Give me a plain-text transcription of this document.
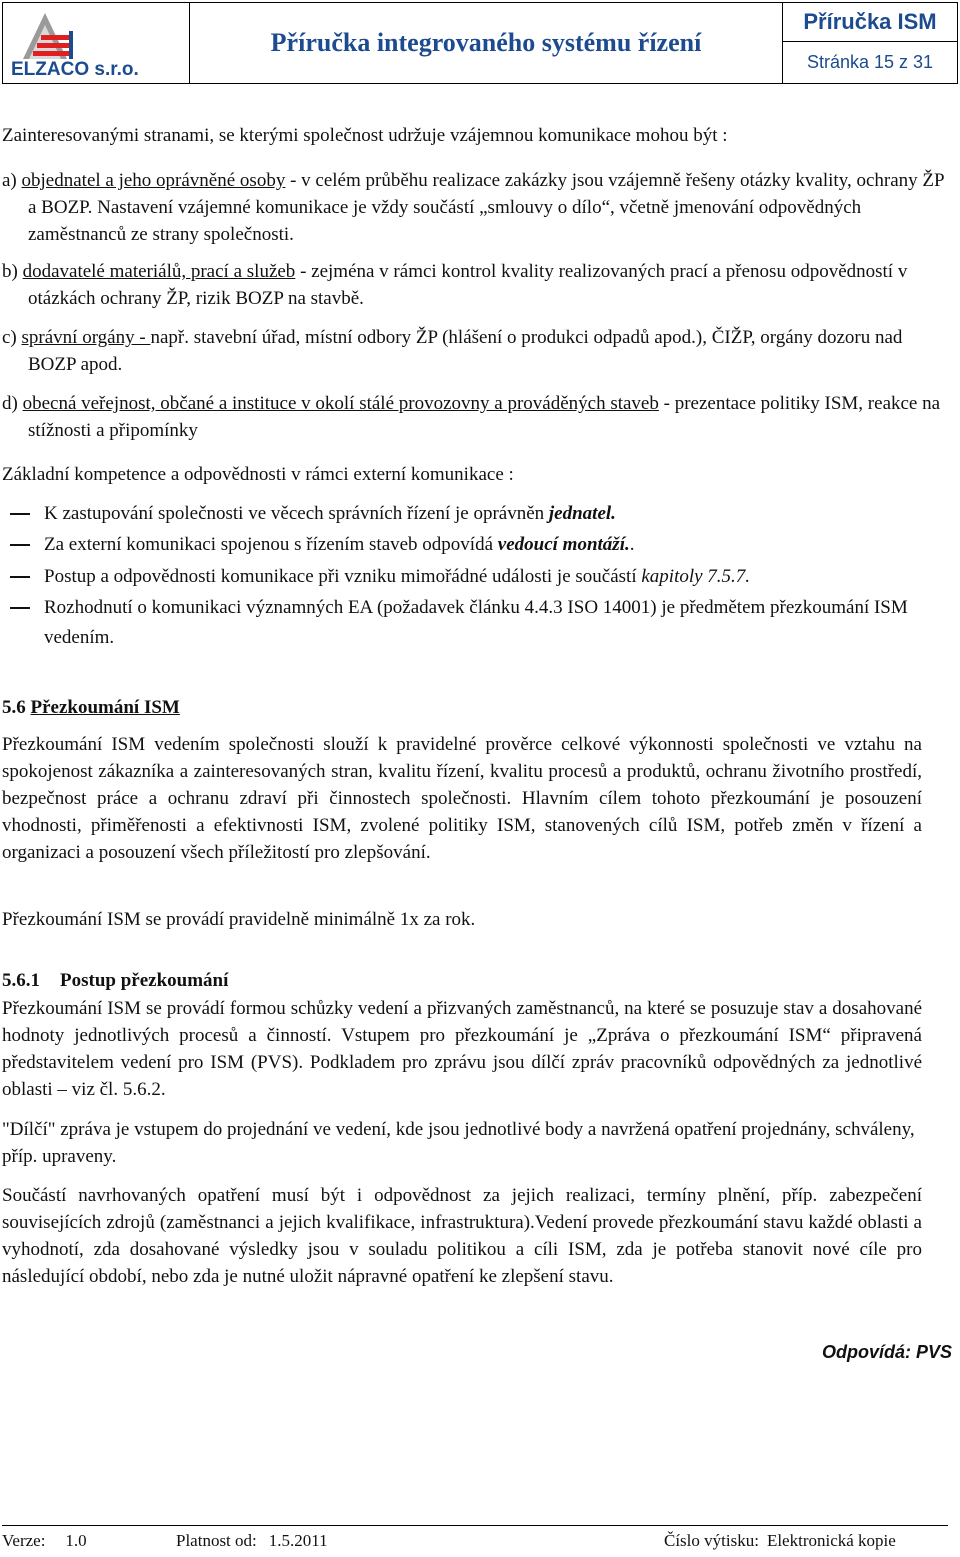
ELZACO s.r.o.
Příručka integrovaného systému řízení
Příručka ISM
Stránka 15 z 31

Zainteresovanými stranami, se kterými společnost udržuje vzájemnou komunikace mohou být :

a) objednatel a jeho oprávněné osoby - v celém průběhu realizace zakázky jsou vzájemně řešeny otázky kvality, ochrany ŽP a BOZP. Nastavení vzájemné komunikace je vždy součástí „smlouvy o dílo“, včetně jmenování odpovědných zaměstnanců ze strany společnosti.

b) dodavatelé materiálů, prací a služeb - zejména v rámci kontrol kvality realizovaných prací a přenosu odpovědností v otázkách ochrany ŽP, rizik BOZP na stavbě.

c) správní orgány - např. stavební úřad, místní odbory ŽP (hlášení o produkci odpadů apod.), ČIŽP, orgány dozoru nad BOZP apod.

d) obecná veřejnost, občané a instituce v okolí stálé provozovny a prováděných staveb - prezentace politiky ISM, reakce na stížnosti a připomínky

Základní kompetence a odpovědnosti v rámci externí komunikace :

K zastupování společnosti ve věcech správních řízení je oprávněn jednatel.
Za externí komunikaci spojenou s řízením staveb odpovídá vedoucí montáží..
Postup a odpovědnosti komunikace při vzniku mimořádné události je součástí kapitoly 7.5.7.
Rozhodnutí o komunikaci významných EA (požadavek článku 4.4.3 ISO 14001) je předmětem přezkoumání ISM vedením.
5.6 Přezkoumání ISM

Přezkoumání ISM vedením společnosti slouží k pravidelné prověrce celkové výkonnosti společnosti ve vztahu na spokojenost zákazníka a zainteresovaných stran, kvalitu řízení, kvalitu procesů a produktů, ochranu životního prostředí, bezpečnost práce a ochranu zdraví při činnostech společnosti. Hlavním cílem tohoto přezkoumání je posouzení vhodnosti, přiměřenosti a efektivnosti ISM, zvolené politiky ISM, stanovených cílů ISM, potřeb změn v řízení a organizaci a posouzení všech příležitostí pro zlepšování.

Přezkoumání ISM se provádí pravidelně minimálně 1x za rok.

5.6.1 Postup přezkoumání

Přezkoumání ISM se provádí formou schůzky vedení a přizvaných zaměstnanců, na které se posuzuje stav a dosahované hodnoty jednotlivých procesů a činností. Vstupem pro přezkoumání je „Zpráva o přezkoumání ISM“ připravená představitelem vedení pro ISM (PVS). Podkladem pro zprávu jsou dílčí zpráv pracovníků odpovědných za jednotlivé oblasti – viz čl. 5.6.2.

"Dílčí" zpráva je vstupem do projednání ve vedení, kde jsou jednotlivé body a navržená opatření projednány, schváleny, příp. upraveny.

Součástí navrhovaných opatření musí být i odpovědnost za jejich realizaci, termíny plnění, příp. zabezpečení souvisejících zdrojů (zaměstnanci a jejich kvalifikace, infrastruktura).Vedení provede přezkoumání stavu každé oblasti a vyhodnotí, zda dosahované výsledky jsou v souladu politikou a cíli ISM, zda je potřeba stanovit nové cíle pro následující období, nebo zda je nutné uložit nápravné opatření ke zlepšení stavu.

Odpovídá: PVS
Verze: 1.0	Platnost od: 1.5.2011	Číslo výtisku: Elektronická kopie
